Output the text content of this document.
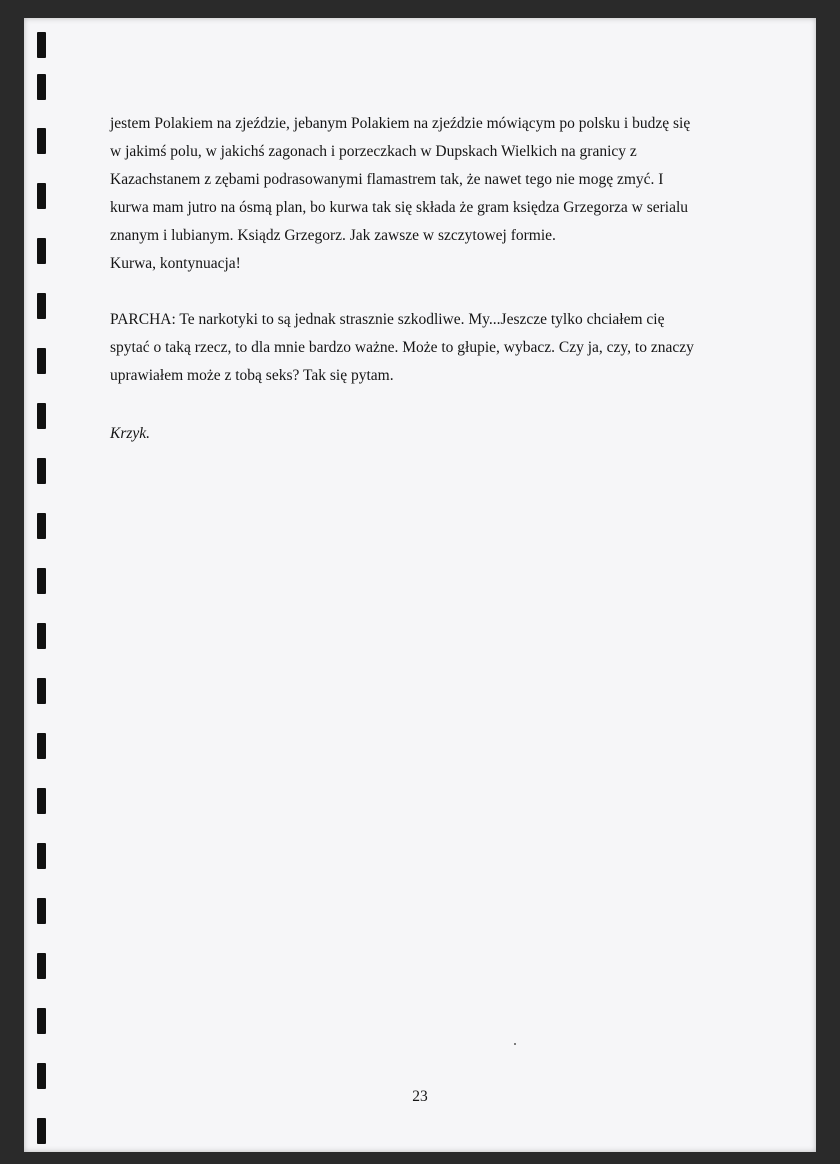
jestem Polakiem na zjeździe, jebanym Polakiem na zjeździe mówiącym po polsku i budzę się
w jakimś polu, w jakichś zagonach i porzeczkach w Dupskach Wielkich na granicy z
Kazachstanem z zębami podrasowanymi flamastrem tak, że nawet tego nie mogę zmyć. I
kurwa mam jutro na ósmą plan, bo kurwa tak się składa że gram księdza Grzegorza w serialu
znanym i lubianym. Ksiądz Grzegorz. Jak zawsze w szczytowej formie.
Kurwa, kontynuacja!

PARCHA: Te narkotyki to są jednak strasznie szkodliwe. My...Jeszcze tylko chciałem cię
spytać o taką rzecz, to dla mnie bardzo ważne. Może to głupie, wybacz. Czy ja, czy, to znaczy
uprawiałem może z tobą seks? Tak się pytam.

Krzyk.

23
